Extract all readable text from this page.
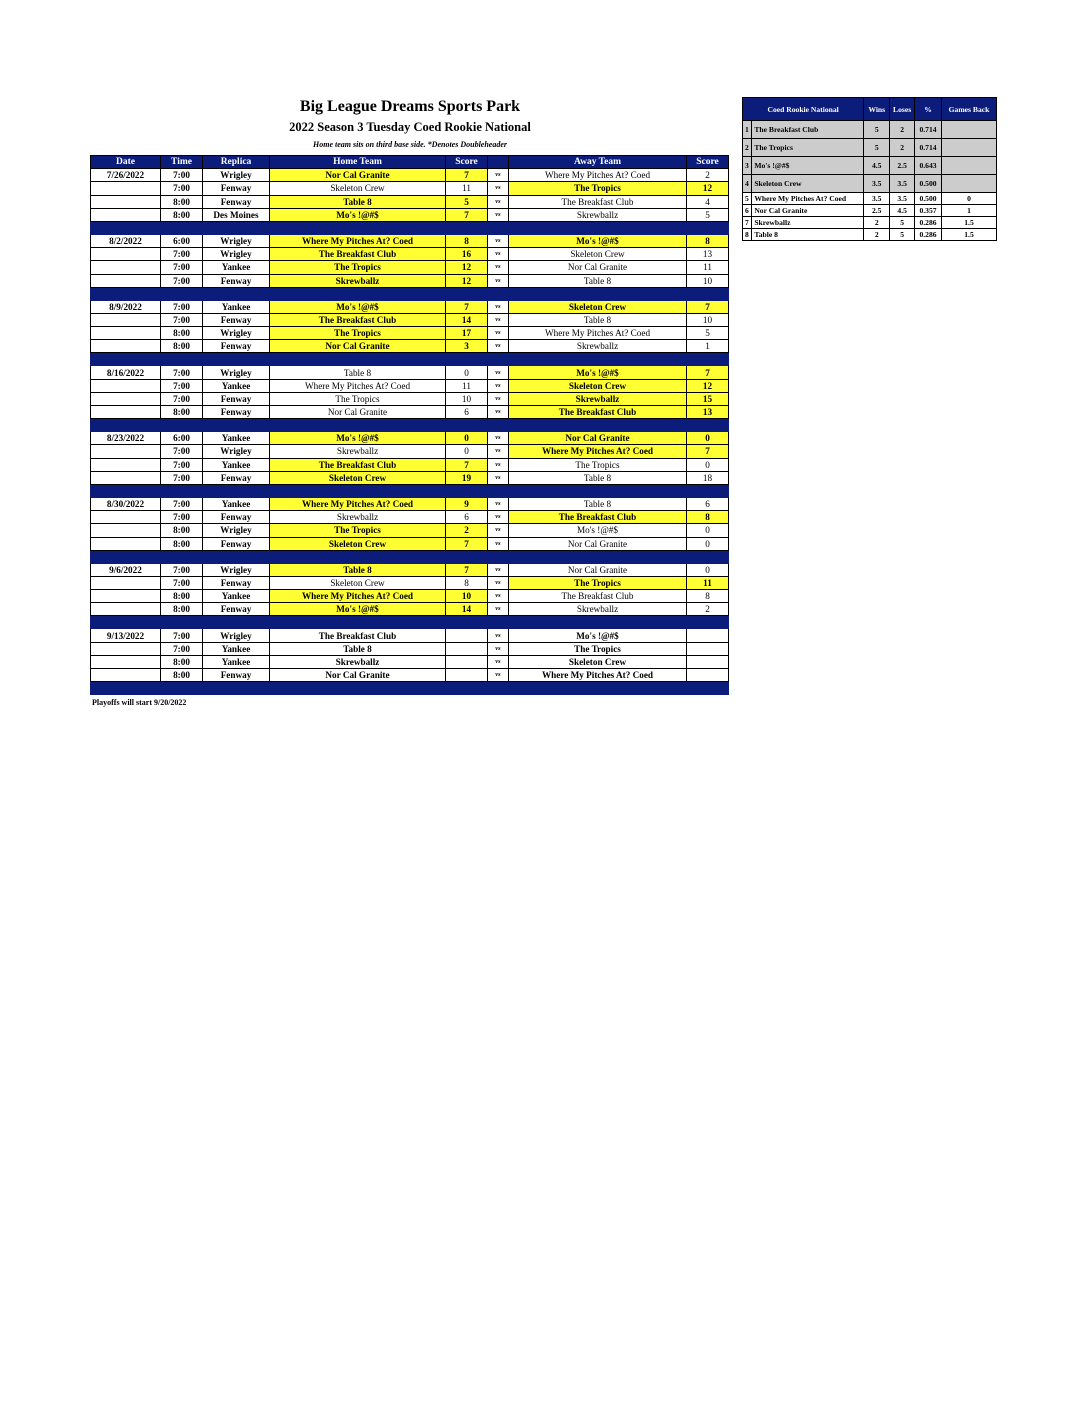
Big League Dreams Sports Park
2022 Season 3 Tuesday Coed Rookie National
Home team sits on third base side. *Denotes Doubleheader
Date	Time	Replica	Home Team	Score		Away Team	Score
7/26/2022	7:00	Wrigley	Nor Cal Granite	7	vs	Where My Pitches At? Coed	2
	7:00	Fenway	Skeleton Crew	11	vs	The Tropics	12
	8:00	Fenway	Table 8	5	vs	The Breakfast Club	4
	8:00	Des Moines	Mo's !@#$	7	vs	Skrewballz	5

8/2/2022	6:00	Wrigley	Where My Pitches At? Coed	8	vs	Mo's !@#$	8
	7:00	Wrigley	The Breakfast Club	16	vs	Skeleton Crew	13
	7:00	Yankee	The Tropics	12	vs	Nor Cal Granite	11
	7:00	Fenway	Skrewballz	12	vs	Table 8	10

8/9/2022	7:00	Yankee	Mo's !@#$	7	vs	Skeleton Crew	7
	7:00	Fenway	The Breakfast Club	14	vs	Table 8	10
	8:00	Wrigley	The Tropics	17	vs	Where My Pitches At? Coed	5
	8:00	Fenway	Nor Cal Granite	3	vs	Skrewballz	1

8/16/2022	7:00	Wrigley	Table 8	0	vs	Mo's !@#$	7
	7:00	Yankee	Where My Pitches At? Coed	11	vs	Skeleton Crew	12
	7:00	Fenway	The Tropics	10	vs	Skrewballz	15
	8:00	Fenway	Nor Cal Granite	6	vs	The Breakfast Club	13

8/23/2022	6:00	Yankee	Mo's !@#$	0	vs	Nor Cal Granite	0
	7:00	Wrigley	Skrewballz	0	vs	Where My Pitches At? Coed	7
	7:00	Yankee	The Breakfast Club	7	vs	The Tropics	0
	7:00	Fenway	Skeleton Crew	19	vs	Table 8	18

8/30/2022	7:00	Yankee	Where My Pitches At? Coed	9	vs	Table 8	6
	7:00	Fenway	Skrewballz	6	vs	The Breakfast Club	8
	8:00	Wrigley	The Tropics	2	vs	Mo's !@#$	0
	8:00	Fenway	Skeleton Crew	7	vs	Nor Cal Granite	0

9/6/2022	7:00	Wrigley	Table 8	7	vs	Nor Cal Granite	0
	7:00	Fenway	Skeleton Crew	8	vs	The Tropics	11
	8:00	Yankee	Where My Pitches At? Coed	10	vs	The Breakfast Club	8
	8:00	Fenway	Mo's !@#$	14	vs	Skrewballz	2

9/13/2022	7:00	Wrigley	The Breakfast Club		vs	Mo's !@#$	
	7:00	Yankee	Table 8		vs	The Tropics	
	8:00	Yankee	Skrewballz		vs	Skeleton Crew	
	8:00	Fenway	Nor Cal Granite		vs	Where My Pitches At? Coed	

Coed Rookie National		Wins	Loses	%	Games Back
1	The Breakfast Club	5	2	0.714	
2	The Tropics	5	2	0.714	
3	Mo's !@#$	4.5	2.5	0.643	
4	Skeleton Crew	3.5	3.5	0.500	
5	Where My Pitches At? Coed	3.5	3.5	0.500	0
6	Nor Cal Granite	2.5	4.5	0.357	1
7	Skrewballz	2	5	0.286	1.5
8	Table 8	2	5	0.286	1.5
Playoffs will start 9/20/2022
